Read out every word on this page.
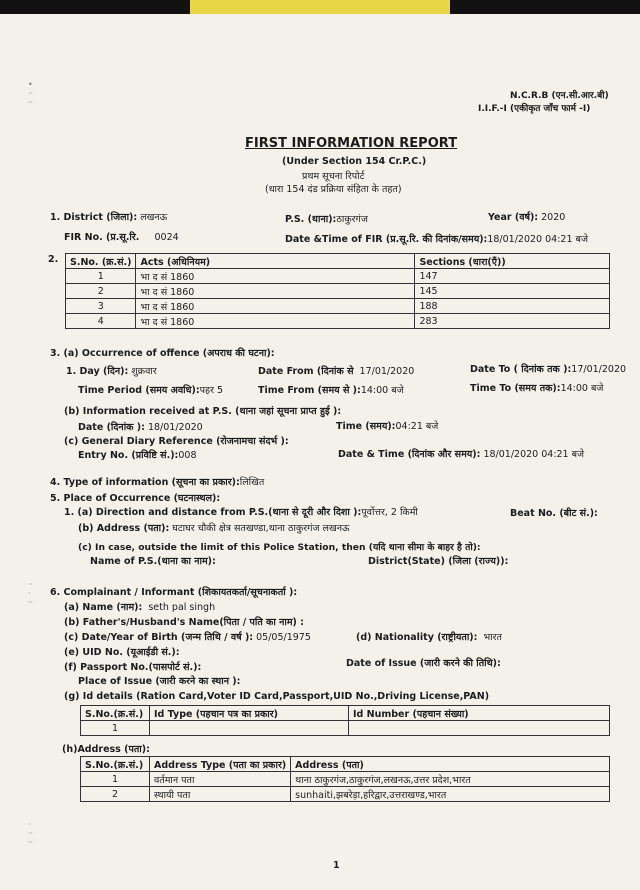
•
··
··
··
·
··
·
··
··
N.C.R.B (एन.सी.आर.बी)
I.I.F.-I (एकीकृत जाँच फार्म -I)
FIRST INFORMATION REPORT
(Under Section 154 Cr.P.C.)
प्रथम सूचना रिपोर्ट
(धारा 154 दंड प्रक्रिया संहिता के तहत)
1. District (जिला): लखनऊ	P.S. (थाना):ठाकुरगंज	Year (वर्ष): 2020
FIR No. (प्र.सू.रि. 0024	Date &Time of FIR (प्र.सू.रि. की दिनांक/समय):18/01/2020 04:21 बजे
2. S.No. (क्र.सं.)	Acts (अधिनियम)	Sections (धारा(एँ))
1	भा द सं 1860	147
2	भा द सं 1860	145
3	भा द सं 1860	188
4	भा द सं 1860	283
3. (a) Occurrence of offence (अपराध की घटना):
1. Day (दिन): शुक्रवार	Date From (दिनांक से 17/01/2020	Date To ( दिनांक तक ):17/01/2020
Time Period (समय अवधि):पहर 5	Time From (समय से ):14:00 बजे	Time To (समय तक):14:00 बजे
(b) Information received at P.S. (थाना जहां सूचना प्राप्त हुई ):
Date (दिनांक ): 18/01/2020	Time (समय):04:21 बजे
(c) General Diary Reference (रोजनामचा संदर्भ ):
Entry No. (प्रविष्टि सं.):008	Date & Time (दिनांक और समय): 18/01/2020 04:21 बजे
4. Type of information (सूचना का प्रकार):लिखित
5. Place of Occurrence (घटनास्थल):
1. (a) Direction and distance from P.S.(थाना से दूरी और दिशा ):पूर्वोत्तर, 2 किमी	Beat No. (बीट सं.):
(b) Address (पता): घटाघर चौकी क्षेत्र सतखण्डा,थाना ठाकुरगंज लखनऊ
(c) In case, outside the limit of this Police Station, then (यदि थाना सीमा के बाहर है तो):
Name of P.S.(थाना का नाम):	District(State) (जिला (राज्य)):
6. Complainant / Informant (शिकायतकर्ता/सूचनाकर्ता ):
(a) Name (नाम): seth pal singh
(b) Father's/Husband's Name(पिता / पति का नाम) :
(c) Date/Year of Birth (जन्म तिथि / वर्ष ): 05/05/1975	(d) Nationality (राष्ट्रीयता): भारत
(e) UID No. (यूआईडी सं.):
(f) Passport No.(पासपोर्ट सं.):	Date of Issue (जारी करने की तिथि):
Place of Issue (जारी करने का स्थान ):
(g) Id details (Ration Card,Voter ID Card,Passport,UID No.,Driving License,PAN)
S.No.(क्र.सं.)	Id Type (पहचान पत्र का प्रकार)	Id Number (पहचान संख्या)
1		
(h)Address (पता):
S.No.(क्र.सं.)	Address Type (पता का प्रकार)	Address (पता)
1	वर्तमान पता	थाना ठाकुरगंज,ठाकुरगंज,लखनऊ,उत्तर प्रदेश,भारत
2	स्थायी पता	sunhaiti,झबरेड़ा,हरिद्वार,उत्तराखण्ड,भारत
1
